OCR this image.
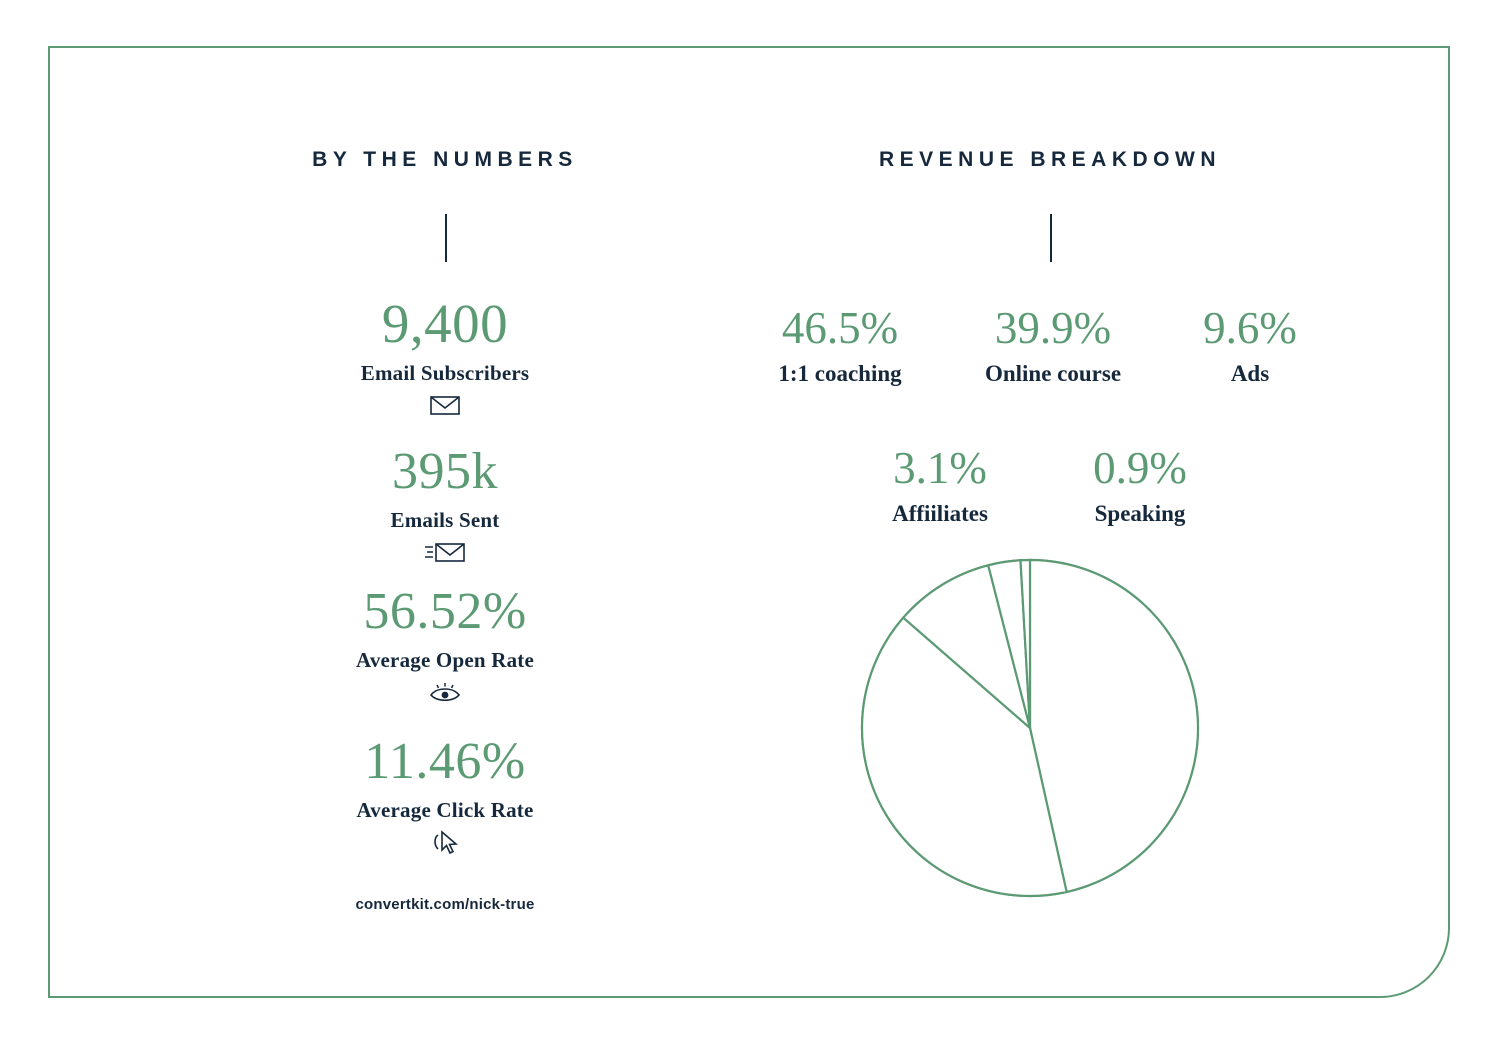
BY THE NUMBERS
9,400
Email Subscribers
395k
Emails Sent
56.52%
Average Open Rate
11.46%
Average Click Rate
convertkit.com/nick-true
REVENUE BREAKDOWN
46.5%
1:1 coaching
39.9%
Online course
9.6%
Ads
3.1%
Affiiliates
0.9%
Speaking
